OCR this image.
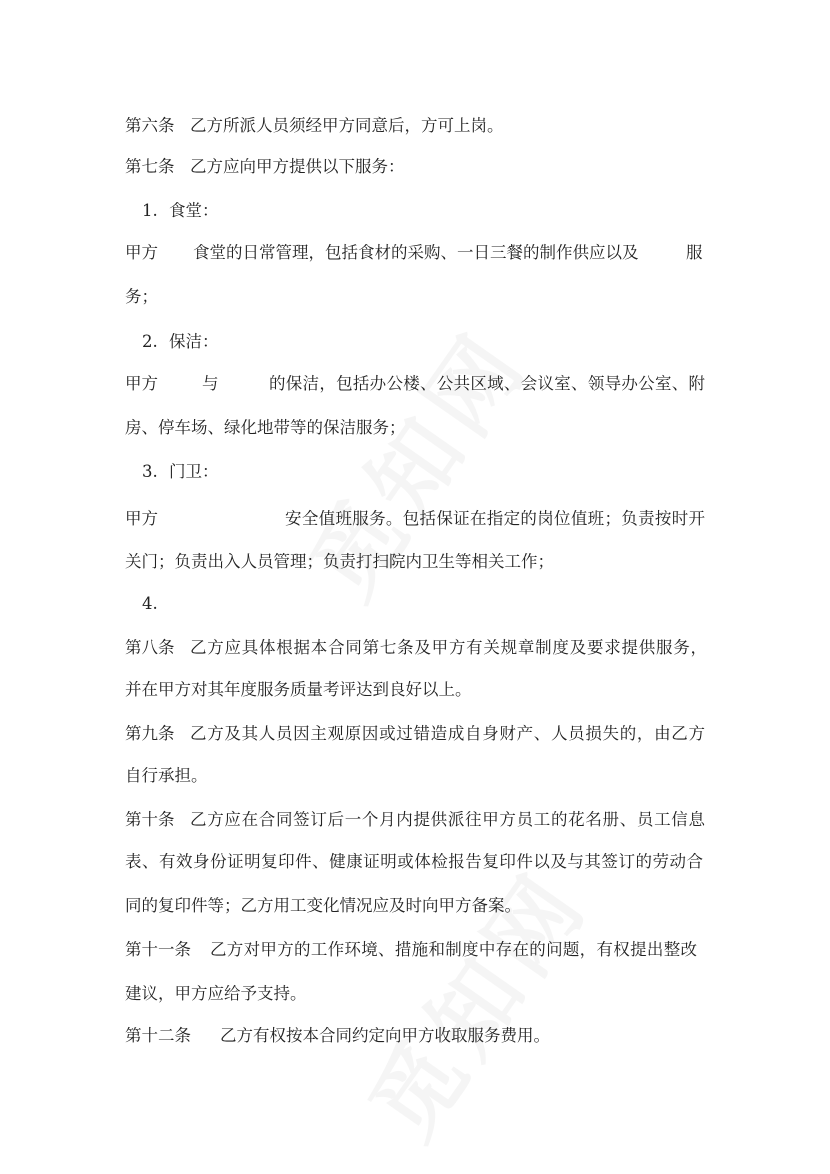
第六条 乙方所派人员须经甲方同意后，方可上岗。
第七条 乙方应向甲方提供以下服务：
1. 食堂：
甲方 食堂的日常管理，包括食材的采购、一日三餐的制作供应以及	服
务；
2. 保洁：
甲方	与	的保洁，包括办公楼、公共区域、会议室、领导办公室、附
房、停车场、绿化地带等的保洁服务；
3. 门卫：
甲方	安全值班服务。包括保证在指定的岗位值班；负责按时开
关门；负责出入人员管理；负责打扫院内卫生等相关工作；
4.
第八条 乙方应具体根据本合同第七条及甲方有关规章制度及要求提供服务，
并在甲方对其年度服务质量考评达到良好以上。
第九条 乙方及其人员因主观原因或过错造成自身财产、人员损失的，由乙方
自行承担。
第十条 乙方应在合同签订后一个月内提供派往甲方员工的花名册、员工信息
表、有效身份证明复印件、健康证明或体检报告复印件以及与其签订的劳动合
同的复印件等；乙方用工变化情况应及时向甲方备案。
第十一条 乙方对甲方的工作环境、措施和制度中存在的问题，有权提出整改
建议，甲方应给予支持。
第十二条 乙方有权按本合同约定向甲方收取服务费用。
